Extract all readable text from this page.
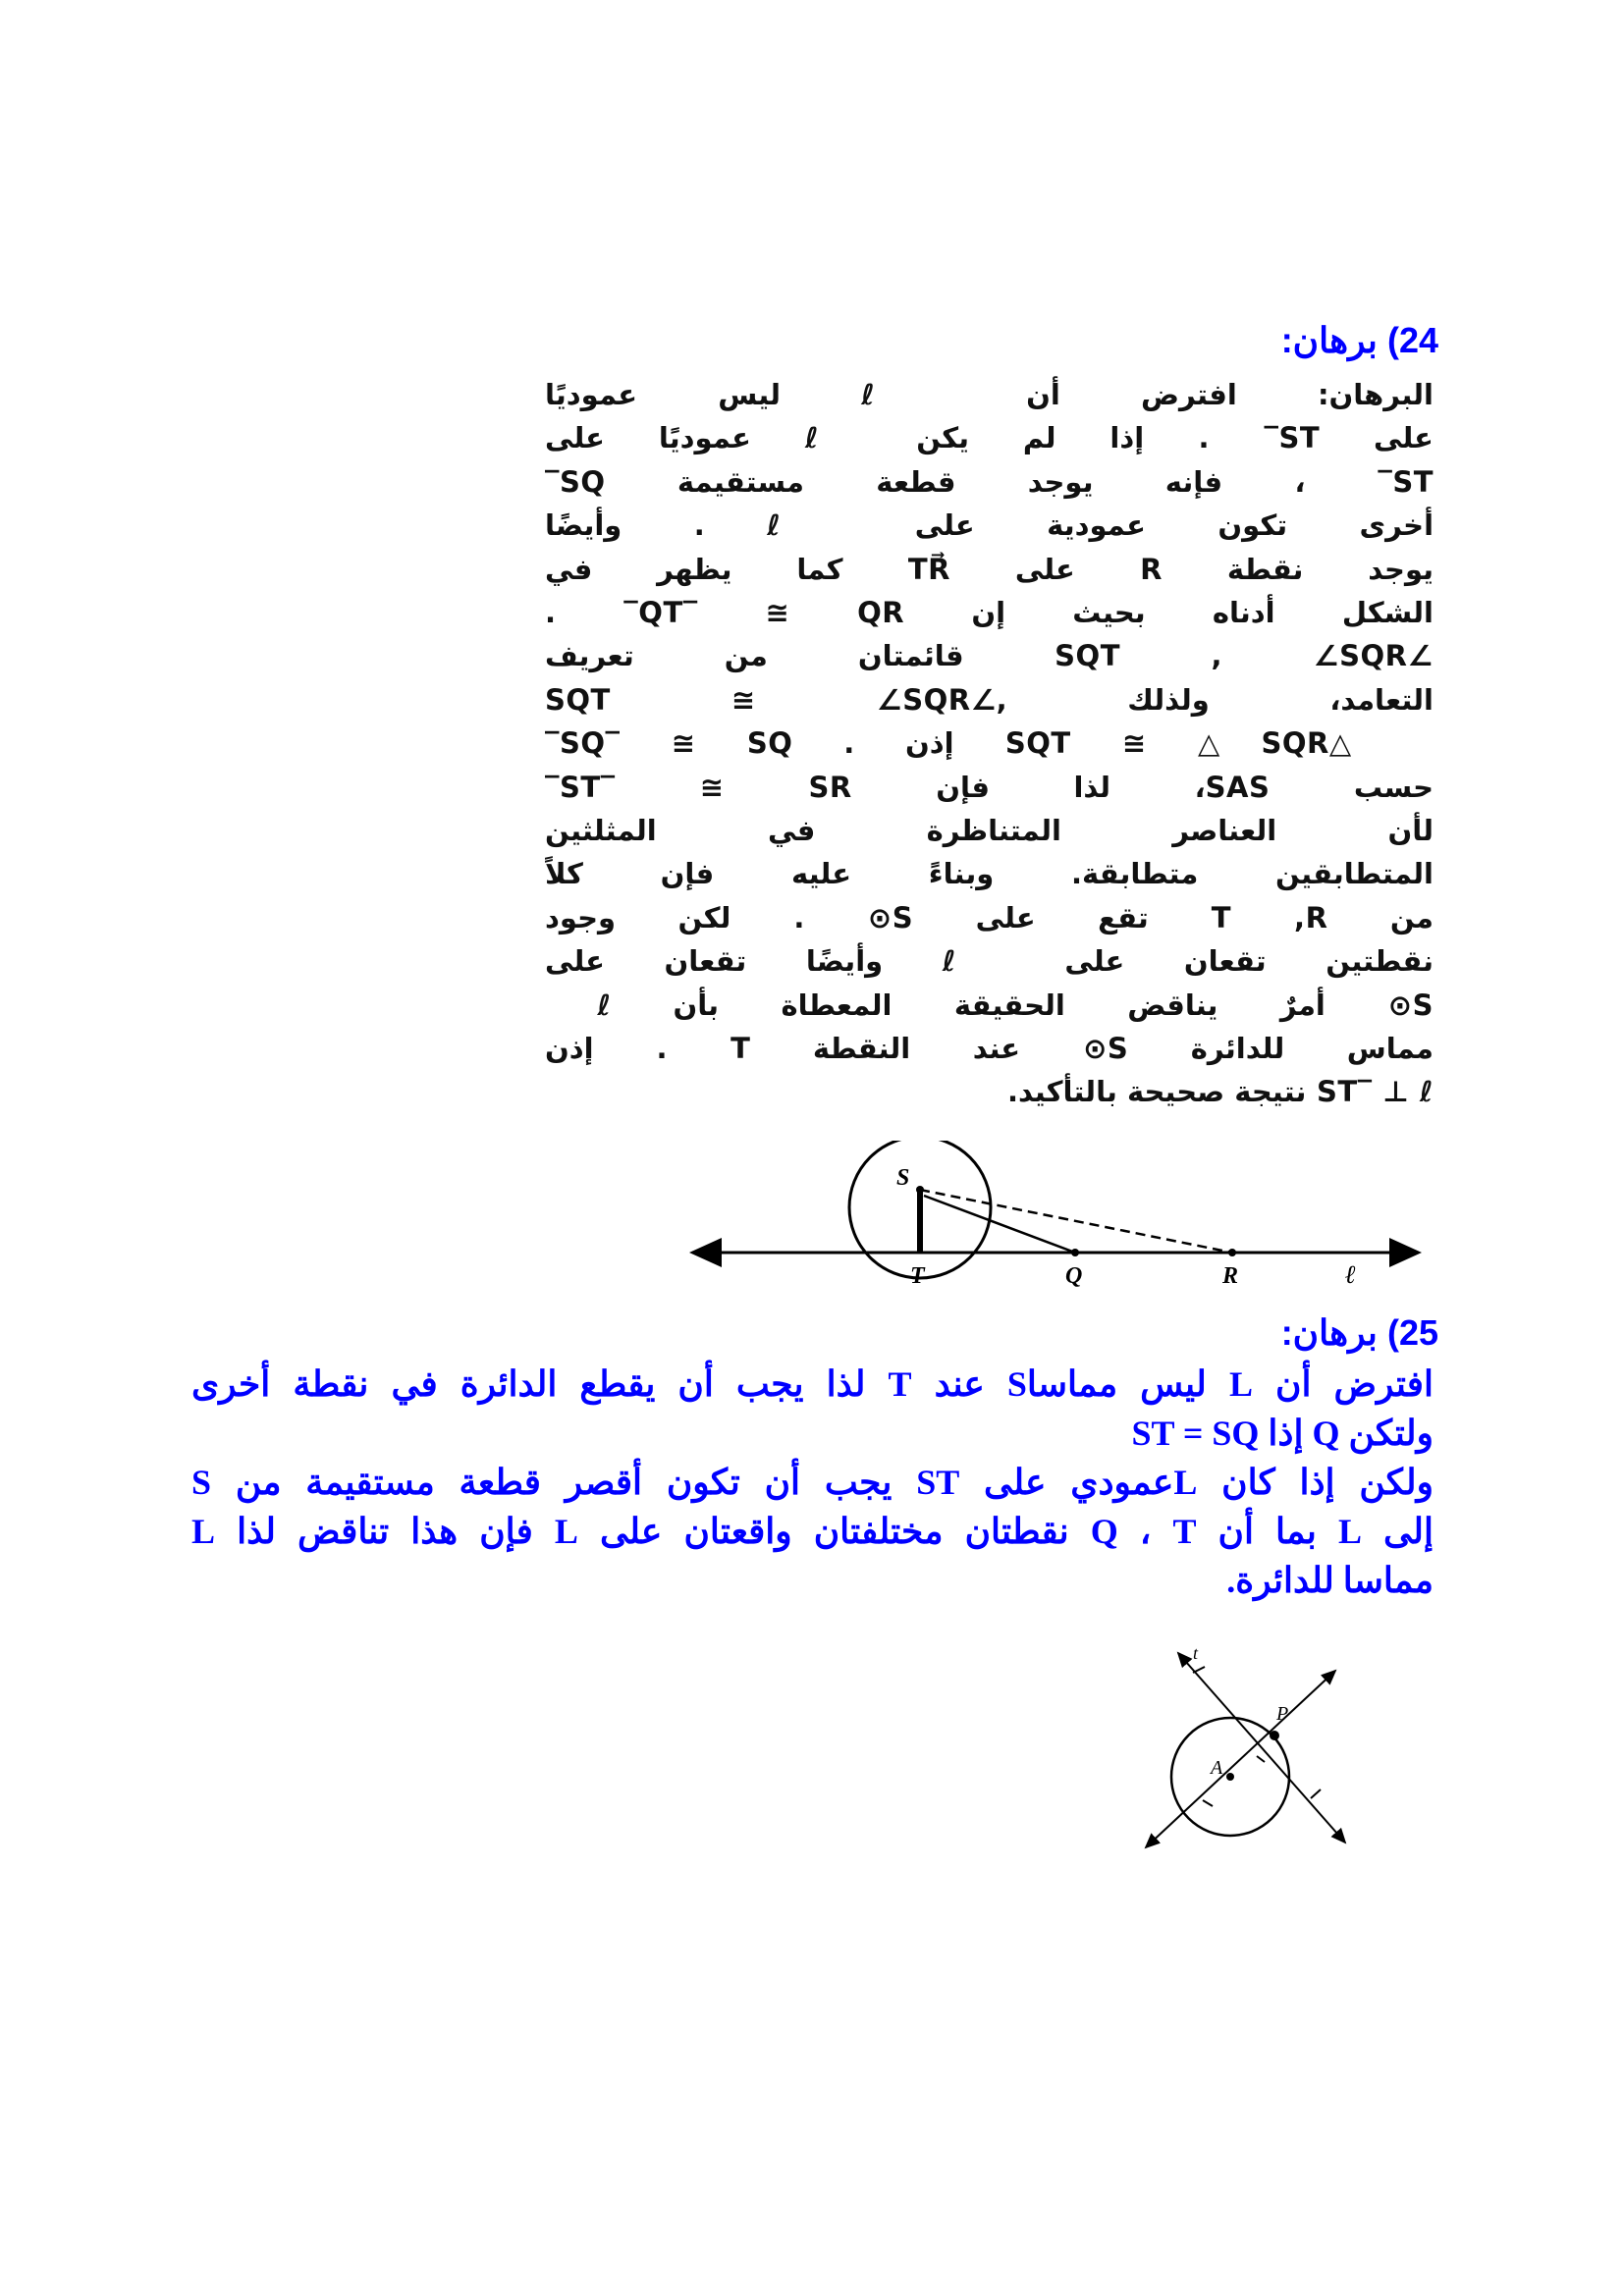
24) برهان:
البرهان: افترض أن ℓ ليس عموديًا
على ST‾ . إذا لم يكن ℓ عموديًا على
ST‾ ، فإنه يوجد قطعة مستقيمة SQ‾
أخرى تكون عمودية على ℓ. وأيضًا
يوجد نقطة R على TR⃗ كما يظهر في
الشكل أدناه بحيث إن QT‾ ≅ QR‾ .
∠SQT , ∠SQR قائمتان من تعريف
التعامد، ولذلك ,∠SQT ≅ ∠SQR
△SQT ≅ △SQR إذن . SQ‾ ≅ SQ‾
حسب SAS، لذا فإن ST‾ ≅ SR‾
لأن العناصر المتناظرة في المثلثين
المتطابقين متطابقة. وبناءً عليه فإن كلاً
من T ,R تقع على S⊙ . لكن وجود
نقطتين تقعان على ℓ وأيضًا تقعان على
S⊙ أمرٌ يناقض الحقيقة المعطاة بأن ℓ
مماس للدائرة S⊙ عند النقطة T . إذن
ST‾ ⊥ ℓ نتيجة صحيحة بالتأكيد.
S
T	Q	R	ℓ
25) برهان:
افترض أن L ليس مماساS عند T لذا يجب أن يقطع الدائرة في نقطة أخرى
ولتكن Q إذا ST = SQ
ولكن إذا كان Lعمودي على ST يجب أن تكون أقصر قطعة مستقيمة من S
إلى L بما أن Q ، T نقطتان مختلفتان واقعتان على L فإن هذا تناقض لذا L
مماسا للدائرة.
t
P
A
